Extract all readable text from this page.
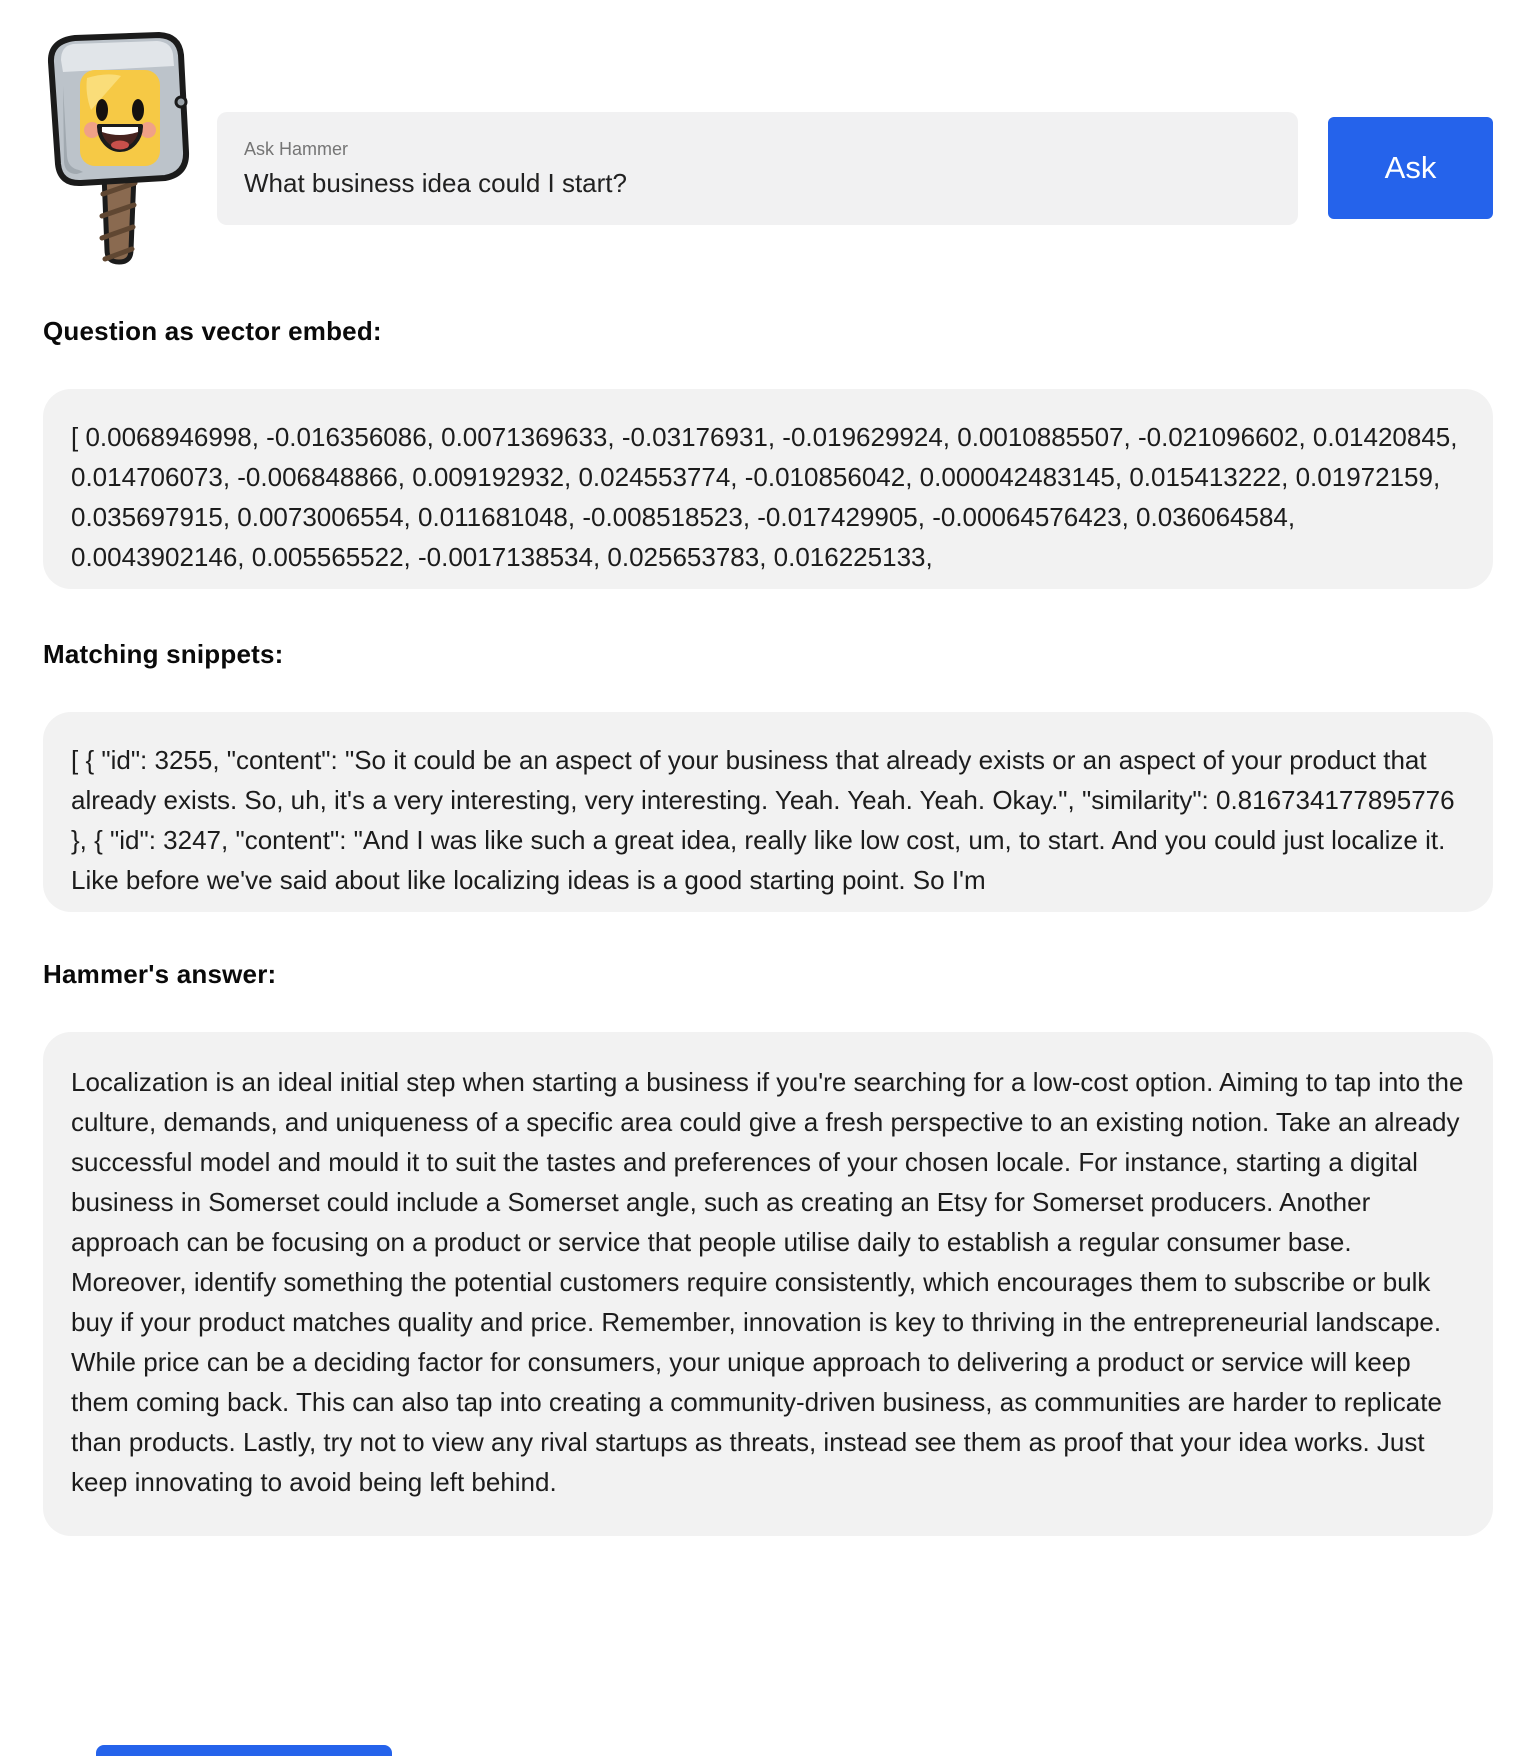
Ask Hammer
What business idea could I start?	Ask
Question as vector embed:
[ 0.0068946998, -0.016356086, 0.0071369633, -0.03176931, -0.019629924, 0.0010885507, -0.021096602, 0.01420845, 0.014706073, -0.006848866, 0.009192932, 0.024553774, -0.010856042, 0.000042483145, 0.015413222, 0.01972159, 0.035697915, 0.0073006554, 0.011681048, -0.008518523, -0.017429905, -0.00064576423, 0.036064584, 0.0043902146, 0.005565522, -0.0017138534, 0.025653783, 0.016225133,
Matching snippets:
[ { "id": 3255, "content": "So it could be an aspect of your business that already exists or an aspect of your product that already exists. So, uh, it's a very interesting, very interesting. Yeah. Yeah. Yeah. Okay.", "similarity": 0.816734177895776 }, { "id": 3247, "content": "And I was like such a great idea, really like low cost, um, to start. And you could just localize it. Like before we've said about like localizing ideas is a good starting point. So I'm
Hammer's answer:
Localization is an ideal initial step when starting a business if you're searching for a low-cost option. Aiming to tap into the culture, demands, and uniqueness of a specific area could give a fresh perspective to an existing notion. Take an already successful model and mould it to suit the tastes and preferences of your chosen locale. For instance, starting a digital business in Somerset could include a Somerset angle, such as creating an Etsy for Somerset producers. Another approach can be focusing on a product or service that people utilise daily to establish a regular consumer base. Moreover, identify something the potential customers require consistently, which encourages them to subscribe or bulk buy if your product matches quality and price. Remember, innovation is key to thriving in the entrepreneurial landscape. While price can be a deciding factor for consumers, your unique approach to delivering a product or service will keep them coming back. This can also tap into creating a community-driven business, as communities are harder to replicate than products. Lastly, try not to view any rival startups as threats, instead see them as proof that your idea works. Just keep innovating to avoid being left behind.
